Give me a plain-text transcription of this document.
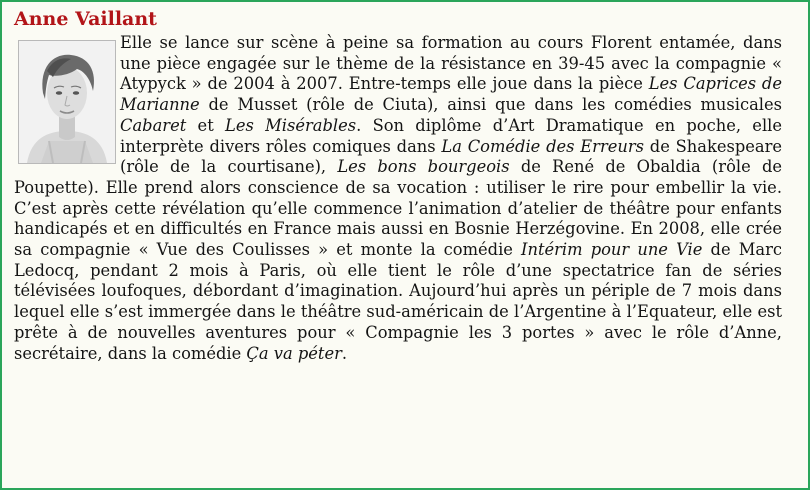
Anne Vaillant

Elle se lance sur scène à peine sa formation au cours Florent entamée, dans une pièce engagée sur le thème de la résistance en 39-45 avec la compagnie « Atypyck » de 2004 à 2007. Entre-temps elle joue dans la pièce Les Caprices de Marianne de Musset (rôle de Ciuta), ainsi que dans les comédies musicales Cabaret et Les Misérables. Son diplôme d’Art Dramatique en poche, elle interprète divers rôles comiques dans La Comédie des Erreurs de Shakespeare (rôle de la courtisane), Les bons bourgeois de René de Obaldia (rôle de Poupette). Elle prend alors conscience de sa vocation : utiliser le rire pour embellir la vie. C’est après cette révélation qu’elle commence l’animation d’atelier de théâtre pour enfants handicapés et en difficultés en France mais aussi en Bosnie Herzégovine. En 2008, elle crée sa compagnie « Vue des Coulisses » et monte la comédie Intérim pour une Vie de Marc Ledocq, pendant 2 mois à Paris, où elle tient le rôle d’une spectatrice fan de séries télévisées loufoques, débordant d’imagination. Aujourd’hui après un périple de 7 mois dans lequel elle s’est immergée dans le théâtre sud-américain de l’Argentine à l’Equateur, elle est prête à de nouvelles aventures pour « Compagnie les 3 portes » avec le rôle d’Anne, secrétaire, dans la comédie Ça va péter.
